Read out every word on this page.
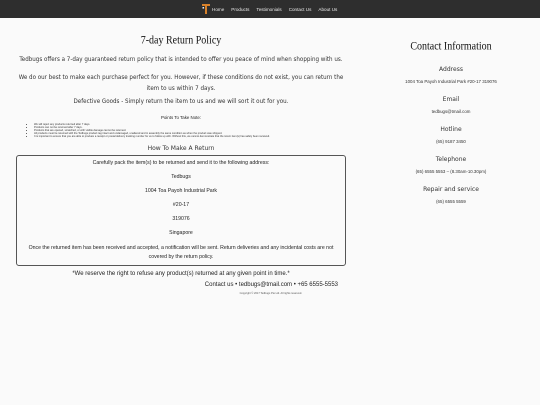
Home Products Testimonials Contact Us About Us
7-day Return Policy

Tedbugs offers a 7-day guaranteed return policy that is intended to offer you peace of mind when shopping with us.

We do our best to make each purchase perfect for you. However, if these conditions do not exist, you can return the item to us within 7 days.

Defective Goods - Simply return the item to us and we will sort it out for you.

Points To Take Note:
• We will reject any products returned after 7 days.
• Products can not be returned after 7 days.
• Products that are opened, scratched, or with visible damage cannot be returned.
• All products must be returned with the Tedbugs product tag intact and undamaged, unaltered and in assembly the same condition as when the product was shipped.
• It is important to ensure that you are able to produce a receipt or postal delivery tracking number for us to follow up with. Without this, we cannot demonstrate that the return item(s) has safely been received.
How To Make A Return

Carefully pack the item(s) to be returned and send it to the following address:

Tedbugs

1004 Toa Payoh Industrial Park

#20-17

319076

Singapore

Once the returned item has been received and accepted, a notification will be sent. Return deliveries and any incidental costs are not covered by the return policy.

*We reserve the right to refuse any product(s) returned at any given point in time.*

Contact us • tedbugs@tmail.com • +65 6555-5553

Copyright © 2017 Tedbugs Pte Ltd. All rights reserved.

Contact Information
Address
1004 Toa Payoh Industrial Park #20-17 319076
Email
tedbugs@tmail.com
Hotline
(65) 9187 3450
Telephone
(65) 6555 5553 – (8.30am-10.30pm)
Repair and service
(65) 6555 5559
